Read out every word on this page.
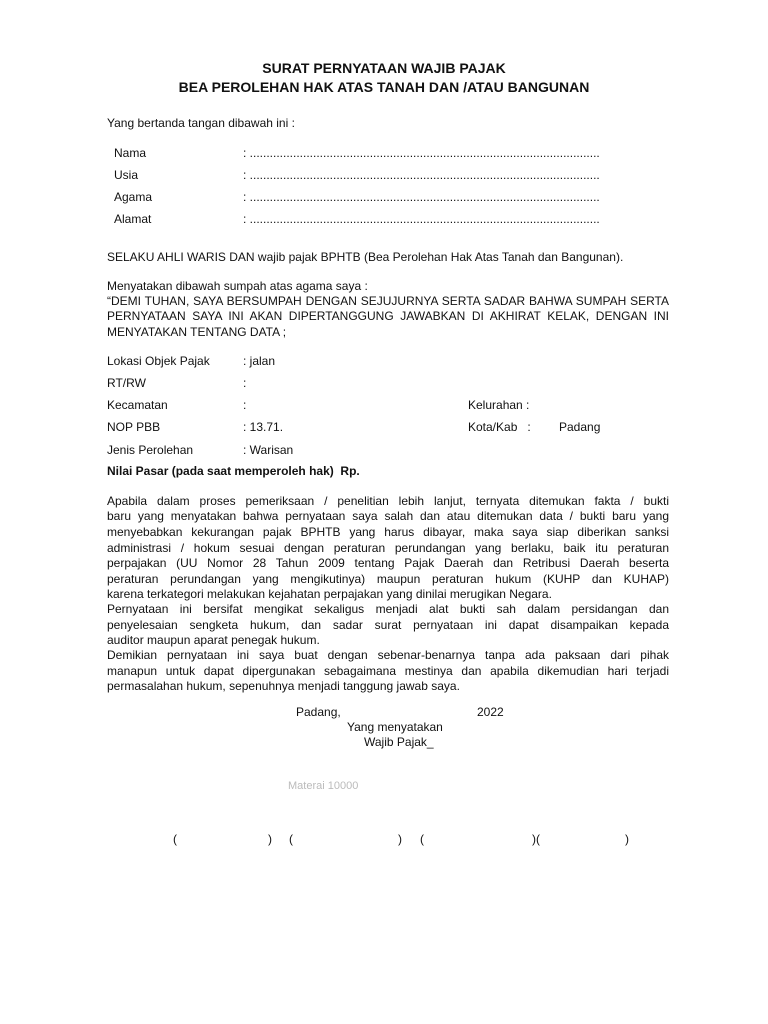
SURAT PERNYATAAN WAJIB PAJAK
BEA PEROLEHAN HAK ATAS TANAH DAN /ATAU BANGUNAN
Yang bertanda tangan dibawah ini :
Nama	: .........................................................................................................
Usia	: .........................................................................................................
Agama	: .........................................................................................................
Alamat	: .........................................................................................................
SELAKU AHLI WARIS DAN wajib pajak BPHTB (Bea Perolehan Hak Atas Tanah dan Bangunan).
Menyatakan dibawah sumpah atas agama saya :
“DEMI TUHAN, SAYA BERSUMPAH DENGAN SEJUJURNYA SERTA SADAR BAHWA SUMPAH SERTA
PERNYATAAN SAYA INI AKAN DIPERTANGGUNG JAWABKAN DI AKHIRAT KELAK, DENGAN INI
MENYATAKAN TENTANG DATA ;
Lokasi Objek Pajak	: jalan
RT/RW	:
Kecamatan	:	Kelurahan :
NOP PBB	: 13.71.	Kota/Kab   : Padang
Jenis Perolehan	: Warisan
Nilai Pasar (pada saat memperoleh hak)  Rp.
Apabila dalam proses pemeriksaan / penelitian lebih lanjut, ternyata ditemukan fakta / bukti
baru yang menyatakan bahwa pernyataan saya salah dan atau ditemukan data / bukti baru yang
menyebabkan kekurangan pajak BPHTB yang harus dibayar, maka saya siap diberikan sanksi
administrasi / hokum sesuai dengan peraturan perundangan yang berlaku, baik itu peraturan
perpajakan (UU Nomor 28 Tahun 2009 tentang Pajak Daerah dan Retribusi Daerah beserta
peraturan perundangan yang mengikutinya) maupun peraturan hukum (KUHP dan KUHAP)
karena terkategori melakukan kejahatan perpajakan yang dinilai merugikan Negara.
Pernyataan ini bersifat mengikat sekaligus menjadi alat bukti sah dalam persidangan dan
penyelesaian sengketa hukum, dan sadar surat pernyataan ini dapat disampaikan kepada
auditor maupun aparat penegak hukum.
Demikian pernyataan ini saya buat dengan sebenar-benarnya tanpa ada paksaan dari pihak
manapun untuk dapat dipergunakan sebagaimana mestinya dan apabila dikemudian hari terjadi
permasalahan hukum, sepenuhnya menjadi tanggung jawab saya.
Padang,	2022
Yang menyatakan
Wajib Pajak_
Materai 10000
(	) (	) (	)(	)
